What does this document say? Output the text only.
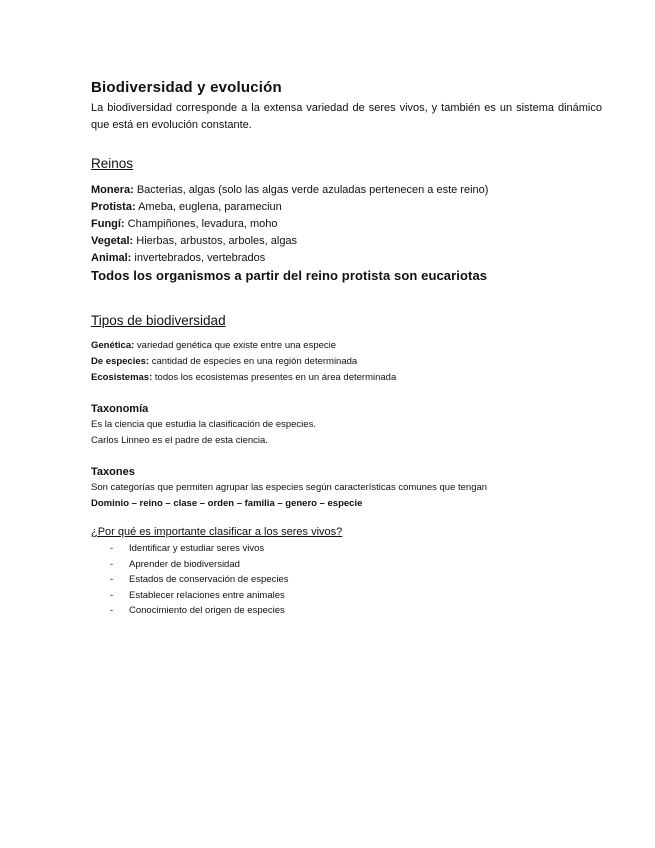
Biodiversidad y evolución

La biodiversidad corresponde a la extensa variedad de seres vivos, y también es un sistema dinámico que está en evolución constante.

Reinos
Monera: Bacterias, algas (solo las algas verde azuladas pertenecen a este reino)
Protista: Ameba, euglena, parameciun
Fungí: Champiñones, levadura, moho
Vegetal: Hierbas, arbustos, arboles, algas
Animal: invertebrados, vertebrados
Todos los organismos a partir del reino protista son eucariotas
Tipos de biodiversidad
Genética: variedad genética que existe entre una especie
De especies: cantidad de especies en una región determinada
Ecosistemas: todos los ecosistemas presentes en un área determinada
Taxonomía
Es la ciencia que estudia la clasificación de especies.
Carlos Linneo es el padre de esta ciencia.
Taxones
Son categorías que permiten agrupar las especies según características comunes que tengan
Dominio – reino – clase – orden – familia – genero – especie
¿Por qué es importante clasificar a los seres vivos?
- Identificar y estudiar seres vivos
- Aprender de biodiversidad
- Estados de conservación de especies
- Establecer relaciones entre animales
- Conocimiento del origen de especies
